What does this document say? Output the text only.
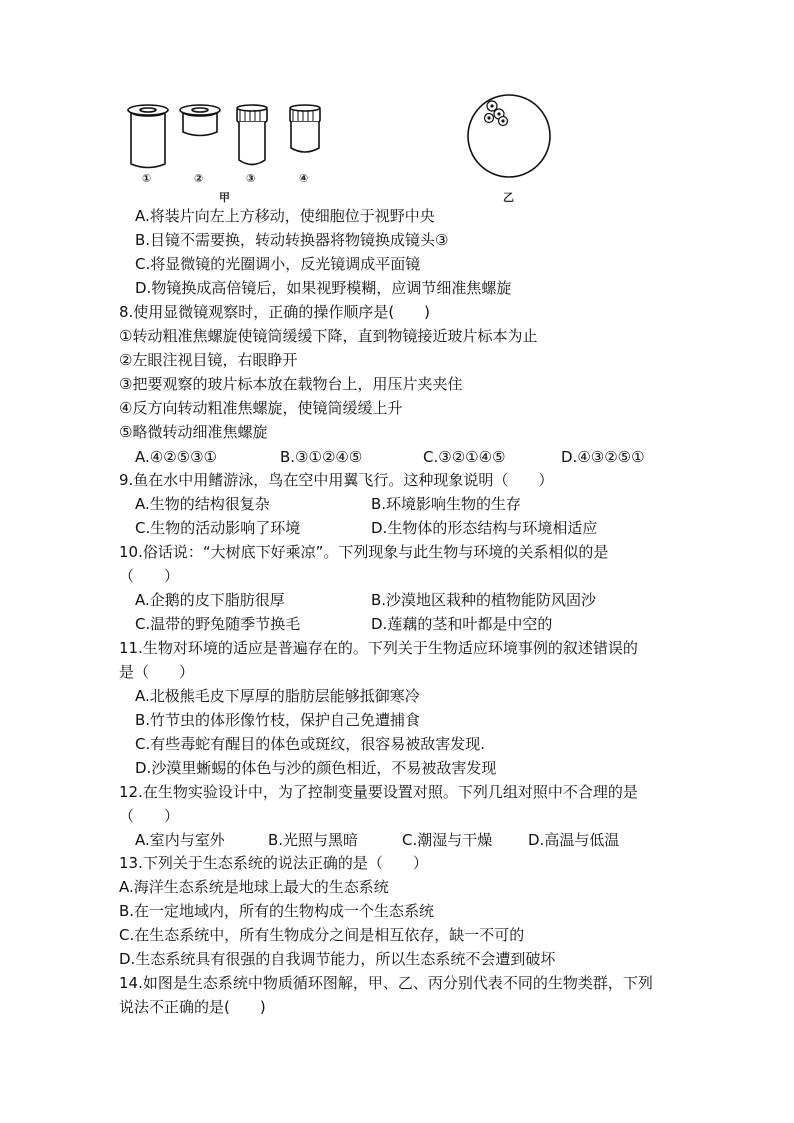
①	②	③	④
甲	乙
A.将装片向左上方移动，使细胞位于视野中央
B.目镜不需要换，转动转换器将物镜换成镜头③
C.将显微镜的光圈调小，反光镜调成平面镜
D.物镜换成高倍镜后，如果视野模糊，应调节细准焦螺旋
8.使用显微镜观察时，正确的操作顺序是(　　)
①转动粗准焦螺旋使镜筒缓缓下降，直到物镜接近玻片标本为止
②左眼注视目镜，右眼睁开
③把要观察的玻片标本放在载物台上，用压片夹夹住
④反方向转动粗准焦螺旋，使镜筒缓缓上升
⑤略微转动细准焦螺旋
A.④②⑤③①	B.③①②④⑤	C.③②①④⑤	D.④③②⑤①
9.鱼在水中用鳍游泳，鸟在空中用翼飞行。这种现象说明（　　）
A.生物的结构很复杂	B.环境影响生物的生存
C.生物的活动影响了环境	D.生物体的形态结构与环境相适应
10.俗话说：“大树底下好乘凉”。下列现象与此生物与环境的关系相似的是
（　　）
A.企鹅的皮下脂肪很厚	B.沙漠地区栽种的植物能防风固沙
C.温带的野兔随季节换毛	D.莲藕的茎和叶都是中空的
11.生物对环境的适应是普遍存在的。下列关于生物适应环境事例的叙述错误的
是（　　）
A.北极熊毛皮下厚厚的脂肪层能够抵御寒冷
B.竹节虫的体形像竹枝，保护自己免遭捕食
C.有些毒蛇有醒目的体色或斑纹，很容易被敌害发现.
D.沙漠里蜥蜴的体色与沙的颜色相近，不易被敌害发现
12.在生物实验设计中，为了控制变量要设置对照。下列几组对照中不合理的是
（　　）
A.室内与室外	B.光照与黑暗	C.潮湿与干燥 D.高温与低温
13.下列关于生态系统的说法正确的是（　　）
A.海洋生态系统是地球上最大的生态系统
B.在一定地域内，所有的生物构成一个生态系统
C.在生态系统中，所有生物成分之间是相互依存，缺一不可的
D.生态系统具有很强的自我调节能力，所以生态系统不会遭到破坏
14.如图是生态系统中物质循环图解，甲、乙、丙分别代表不同的生物类群，下列
说法不正确的是(　　)
